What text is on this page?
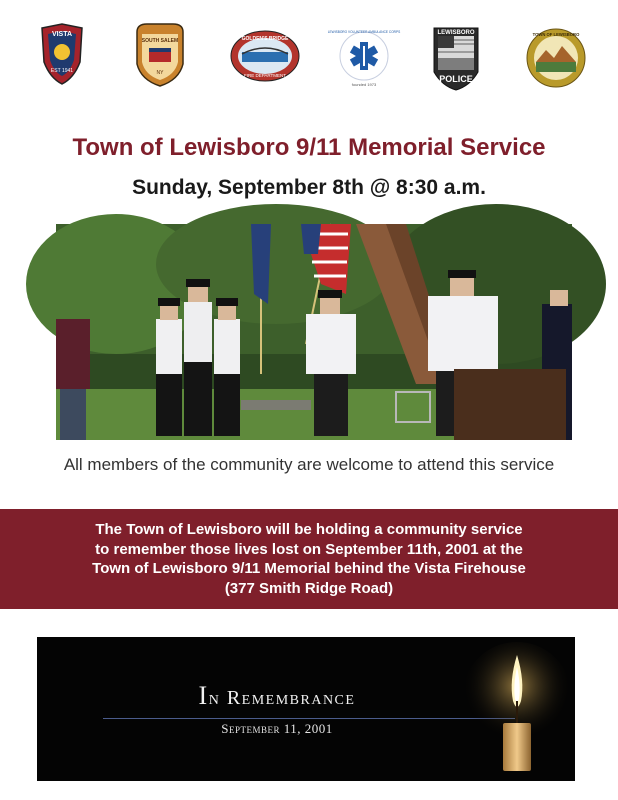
VISTA
EST 1941
SOUTH SALEM
NY
GOLDEN'S BRIDGE
FIRE DEPARTMENT
LEWISBORO VOLUNTEER AMBULANCE CORPS
founded 1973
LEWISBORO
POLICE
TOWN OF LEWISBORO
Town of Lewisboro 9/11 Memorial Service
Sunday, September 8th @ 8:30 a.m.
All members of the community are welcome to attend this service
The Town of Lewisboro will be holding a community service
to remember those lives lost on September 11th, 2001 at the
Town of Lewisboro 9/11 Memorial behind the Vista Firehouse
(377 Smith Ridge Road)
In Remembrance
September 11, 2001
